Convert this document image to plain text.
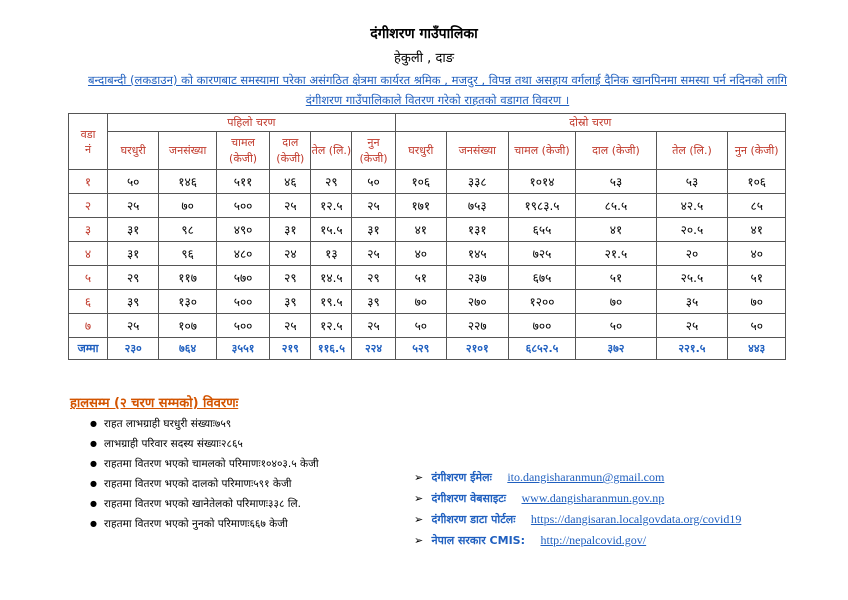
दंगीशरण गाउँपालिका
हेकुली , दाङ
बन्दाबन्दी (लकडाउन) को कारणबाट समस्यामा परेका असंगठित क्षेत्रमा कार्यरत श्रमिक , मजदुर , विपन्न तथा असहाय वर्गलाई दैनिक खानपिनमा समस्या पर्न नदिनको लागि दंगीशरण गाउँपालिकाले वितरण गरेको राहतको वडागत विवरण ।
वडा
नं	पहिलो चरण						दोस्रो चरण					
	घरधुरी	जनसंख्या	चामल (केजी)	दाल (केजी)	तेल (लि.)	नुन (केजी)	घरधुरी	जनसंख्या	चामल (केजी)	दाल (केजी)	तेल (लि.)	नुन (केजी)
१	५०	१४६	५११	४६	२९	५०	१०६	३३८	१०१४	५३	५३	१०६
२	२५	७०	५००	२५	१२.५	२५	१७१	७५३	१९८३.५	८५.५	४२.५	८५
३	३१	९८	४९०	३१	१५.५	३१	४१	१३१	६५५	४१	२०.५	४१
४	३१	९६	४८०	२४	१३	२५	४०	१४५	७२५	२१.५	२०	४०
५	२९	११७	५७०	२९	१४.५	२९	५१	२३७	६७५	५१	२५.५	५१
६	३९	१३०	५००	३९	१९.५	३९	७०	२७०	१२००	७०	३५	७०
७	२५	१०७	५००	२५	१२.५	२५	५०	२२७	७००	५०	२५	५०
जम्मा	२३०	७६४	३५५१	२१९	११६.५	२२४	५२९	२१०१	६८५२.५	३७२	२२१.५	४४३
हालसम्म (२ चरण सम्मको) विवरणः
● राहत लाभग्राही घरधुरी संख्याः७५९
● लाभग्राही परिवार सदस्य संख्याः२८६५
● राहतमा वितरण भएको चामलको परिमाणः१०४०३.५ केजी
● राहतमा वितरण भएको दालको परिमाणः५९१ केजी
● राहतमा वितरण भएको खानेतेलको परिमाणः३३८ लि.
● राहतमा वितरण भएको नुनको परिमाणः६६७ केजी
➢ दंगीशरण ईमेलः ito.dangisharanmun@gmail.com
➢ दंगीशरण वेबसाइटः www.dangisharanmun.gov.np
➢ दंगीशरण डाटा पोर्टलः https://dangisaran.localgovdata.org/covid19
➢ नेपाल सरकार CMIS: http://nepalcovid.gov/
